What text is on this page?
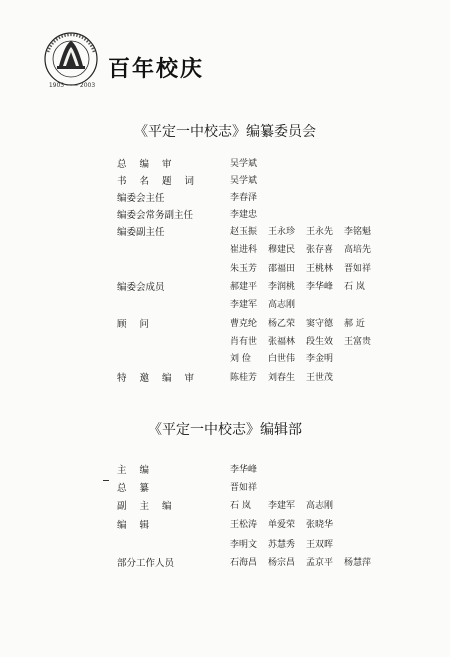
1903 —— 2003
百年校庆
《平定一中校志》编纂委员会
总 编 审	吴学斌
书 名 题 词	吴学斌
编委会主任	李春泽
编委会常务副主任	李建忠
编委副主任	赵玉振 王永珍 王永先 李铭魁
崔进科 穆建民 张存喜 高培先
朱玉芳 邵福田 王桃林 晋如祥
编委会成员	郝建平 李润桃 李华峰 石 岚
李建军 高志刚
顾 问	曹克纶 杨乙荣 窦守德 郝 近
肖有世 张福林 段生效 王富贵
刘 俭 白世伟 李金明
特 邀 编 审	陈桂芳 刘春生 王世茂
《平定一中校志》编辑部
主 编	李华峰
总 纂	晋如祥
副 主 编	石 岚 李建军 高志刚
编 辑	王松涛 单爱荣 张晓华
李明文 苏慧秀 王双晖
部分工作人员	石海昌 杨宗昌 孟京平 杨慧萍
